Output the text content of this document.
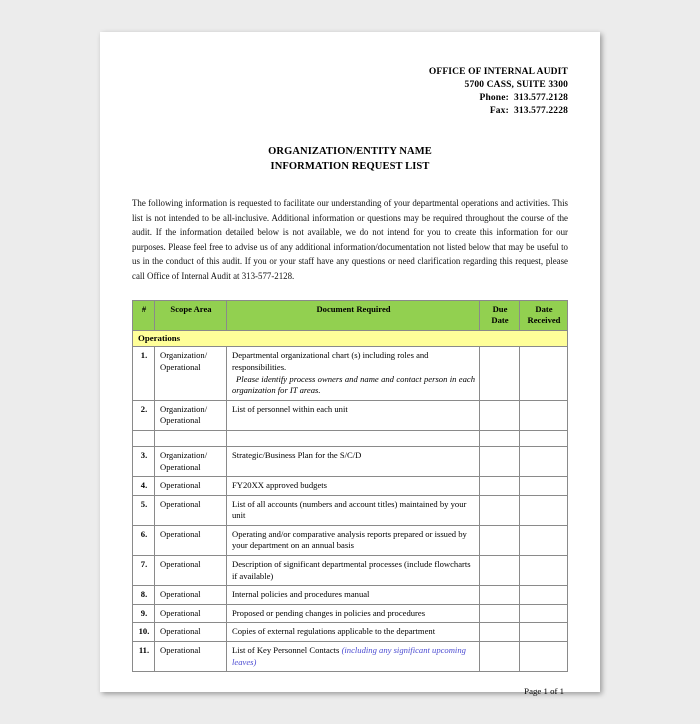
OFFICE OF INTERNAL AUDIT
5700 CASS, SUITE 3300
Phone:  313.577.2128
Fax:  313.577.2228
ORGANIZATION/ENTITY NAME
INFORMATION REQUEST LIST

The following information is requested to facilitate our understanding of your departmental operations and activities. This list is not intended to be all-inclusive. Additional information or questions may be required throughout the course of the audit. If the information detailed below is not available, we do not intend for you to create this information for our purposes. Please feel free to advise us of any additional information/documentation not listed below that may be useful to us in the conduct of this audit. If you or your staff have any questions or need clarification regarding this request, please call Office of Internal Audit at 313-577-2128.

#	Scope Area	Document Required	Due Date	Date Received
Operations				
1.	Organization/ Operational	Departmental organizational chart (s) including roles and responsibilities.
Please identify process owners and name and contact person in each organization for IT areas.		

2.	Organization/ Operational	List of personnel within each unit		

3.	Organization/ Operational	Strategic/Business Plan for the S/C/D		
4.	Operational	FY20XX approved budgets		
5.	Operational	List of all accounts (numbers and account titles) maintained by your unit		
6.	Operational	Operating and/or comparative analysis reports prepared or issued by your department on an annual basis		
7.	Operational	Description of significant departmental processes (include flowcharts if available)		
8.	Operational	Internal policies and procedures manual		
9.	Operational	Proposed or pending changes in policies and procedures		
10.	Operational	Copies of external regulations applicable to the department		
11.	Operational	List of Key Personnel Contacts (including any significant upcoming leaves)		
Page 1 of 1
